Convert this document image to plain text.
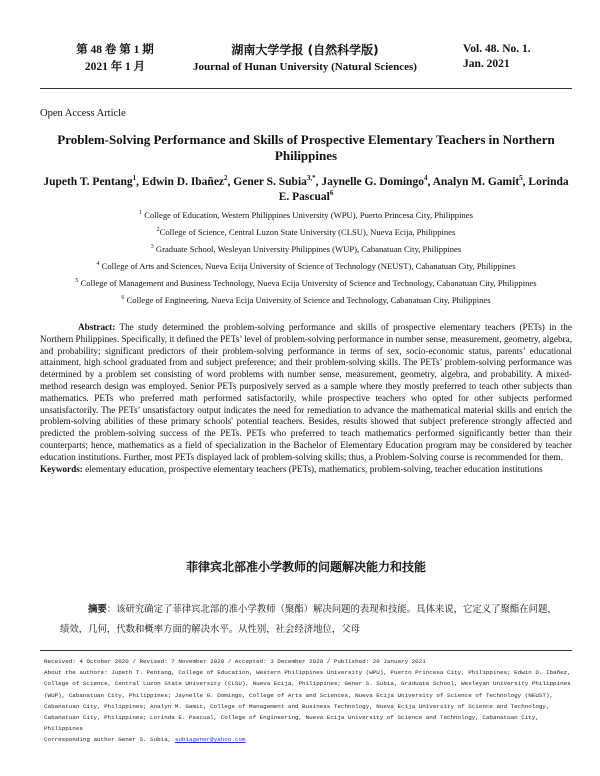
第 48 卷 第 1 期
2021 年 1 月
湖南大学学报 (自然科学版)
Journal of Hunan University (Natural Sciences)
Vol. 48. No. 1.
Jan. 2021
Open Access Article
Problem-Solving Performance and Skills of Prospective Elementary Teachers in Northern Philippines
Jupeth T. Pentang$^1$, Edwin D. Ibañez$^2$, Gener S. Subia$^{3,*}$, Jaynelle G. Domingo$^4$, Analyn M. Gamit$^5$, Lorinda E. Pascual$^6$
$^1$ College of Education, Western Philippines University (WPU), Puerto Princesa City, Philippines
$^2$College of Science, Central Luzon State University (CLSU), Nueva Ecija, Philippines
$^3$ Graduate School, Wesleyan University Philippines (WUP), Cabanatuan City, Philippines
$^4$ College of Arts and Sciences, Nueva Ecija University of Science of Technology (NEUST), Cabanatuan City, Philippines
$^5$ College of Management and Business Technology, Nueva Ecija University of Science and Technology, Cabanatuan City, Philippines
$^6$ College of Engineering, Nueva Ecija University of Science and Technology, Cabanatuan City, Philippines
Abstract: The study determined the problem-solving performance and skills of prospective elementary teachers (PETs) in the Northern Philippines. Specifically, it defined the PETs’ level of problem-solving performance in number sense, measurement, geometry, algebra, and probability; significant predictors of their problem-solving performance in terms of sex, socio-economic status, parents’ educational attainment, high school graduated from and subject preference; and their problem-solving skills. The PETs’ problem-solving performance was determined by a problem set consisting of word problems with number sense, measurement, geometry, algebra, and probability. A mixed-method research design was employed. Senior PETs purposively served as a sample where they mostly preferred to teach other subjects than mathematics. PETs who preferred math performed satisfactorily, while prospective teachers who opted for other subjects performed unsatisfactorily. The PETs’ unsatisfactory output indicates the need for remediation to advance the mathematical material skills and enrich the problem-solving abilities of these primary schools' potential teachers. Besides, results showed that subject preference strongly affected and predicted the problem-solving success of the PETs. PETs who preferred to teach mathematics performed significantly better than their counterparts; hence, mathematics as a field of specialization in the Bachelor of Elementary Education program may be considered by teacher education institutions. Further, most PETs displayed lack of problem-solving skills; thus, a Problem-Solving course is recommended for them.
Keywords: elementary education, prospective elementary teachers (PETs), mathematics, problem-solving, teacher education institutions
菲律宾北部准小学教师的问题解决能力和技能
摘要：该研究确定了菲律宾北部的准小学教师（聚酯）解决问题的表现和技能。具体来说，它定义了聚酯在问题，绩效，几何，代数和概率方面的解决水平。从性别，社会经济地位，父母
Received: 4 October 2020 / Revised: 7 November 2020 / Accepted: 3 December 2020 / Published: 29 January 2021
About the authors: Jupeth T. Pentang, College of Education, Western Philippines University (WPU), Puerto Princesa City, Philippines; Edwin D. Ibañez, College of Science, Central Luzon State University (CLSU), Nueva Ecija, Philippines; Gener S. Subia, Graduate School, Wesleyan University Philippines (WUP), Cabanatuan City, Philippines; Jaynelle G. Domingo, College of Arts and Sciences, Nueva Ecija University of Science of Technology (NEUST), Cabanatuan City, Philippines; Analyn M. Gamit, College of Management and Business Technology, Nueva Ecija University of Science and Technology, Cabanatuan City, Philippines; Lorinda E. Pascual, College of Engineering, Nueva Ecija University of Science and Technology, Cabanatuan City, Philippines
Corresponding author Gener S. Subia, subiagener@yahoo.com
